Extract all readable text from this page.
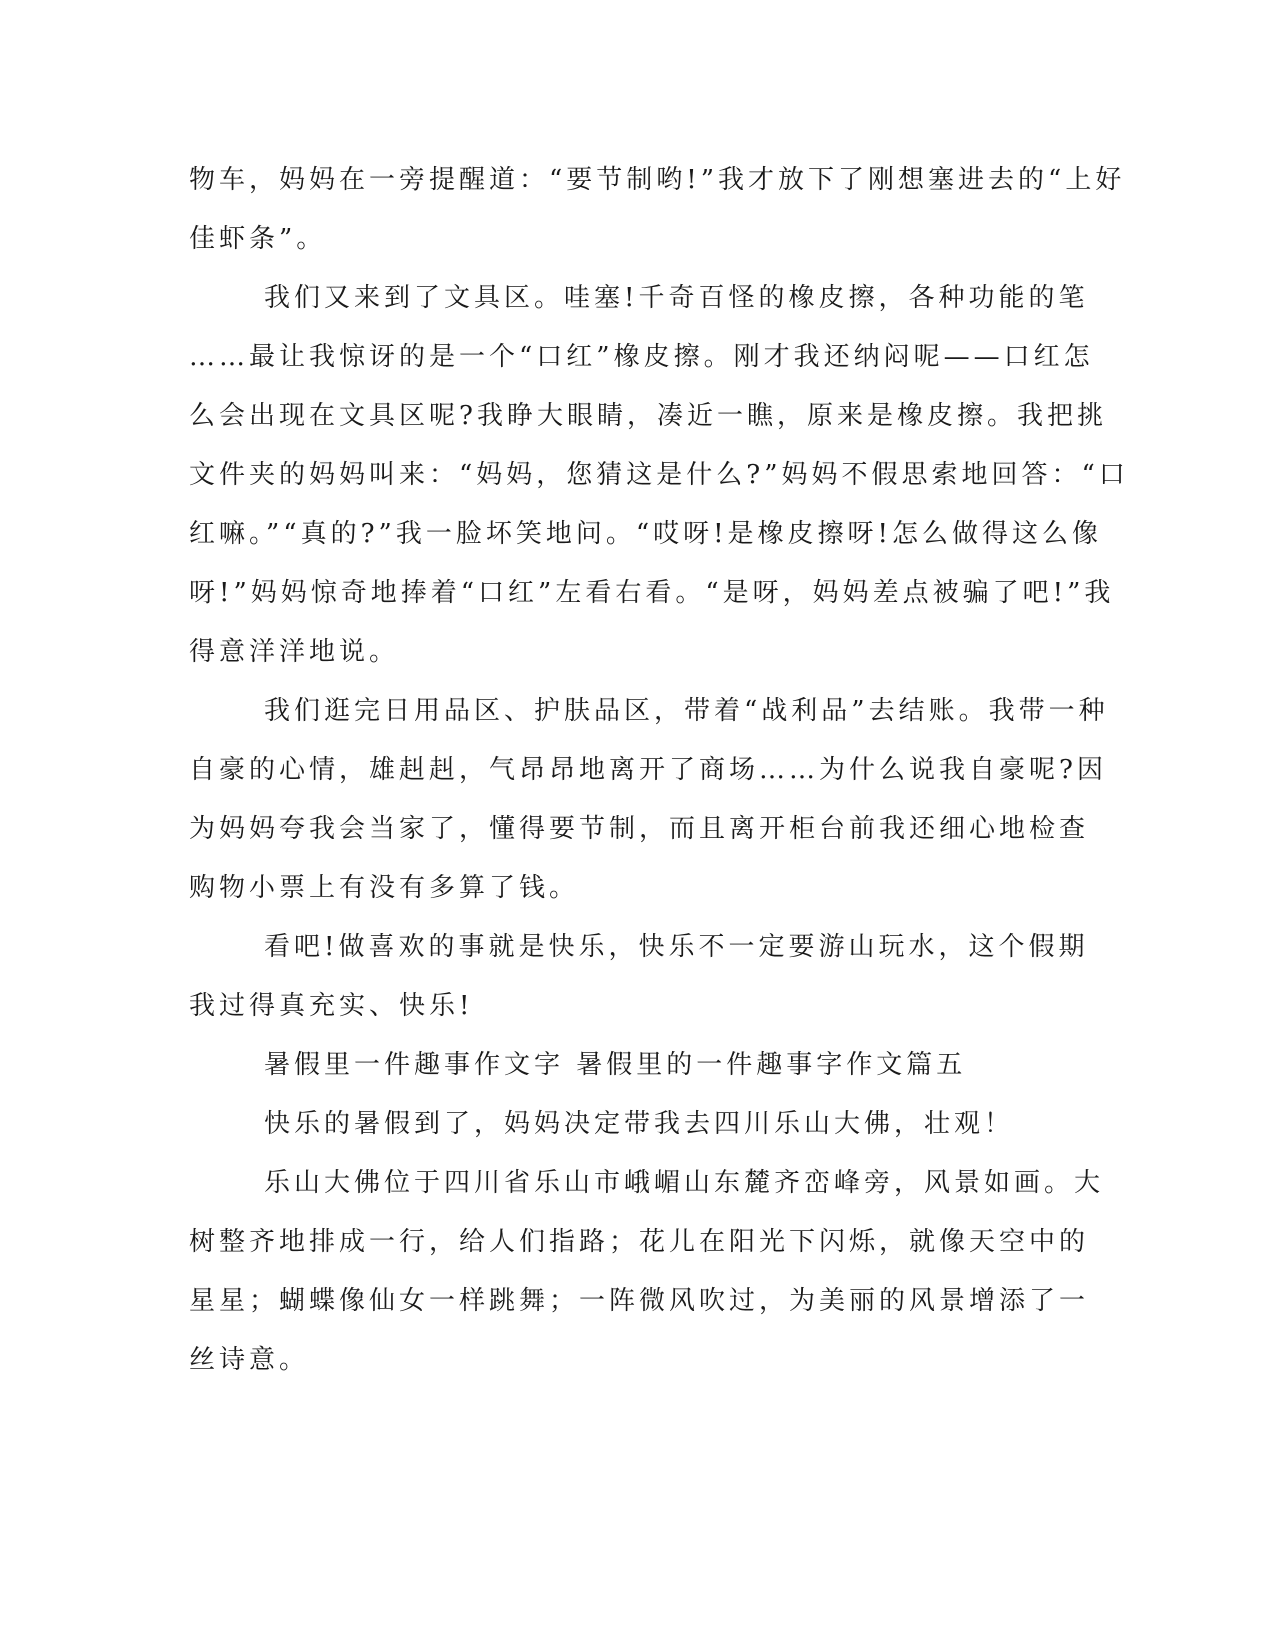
物车，妈妈在一旁提醒道：“要节制哟!”我才放下了刚想塞进去的“上好
佳虾条”。
我们又来到了文具区。哇塞!千奇百怪的橡皮擦，各种功能的笔
……最让我惊讶的是一个“口红”橡皮擦。刚才我还纳闷呢——口红怎
么会出现在文具区呢?我睁大眼睛，凑近一瞧，原来是橡皮擦。我把挑
文件夹的妈妈叫来：“妈妈，您猜这是什么?”妈妈不假思索地回答：“口
红嘛。”“真的?”我一脸坏笑地问。“哎呀!是橡皮擦呀!怎么做得这么像
呀!”妈妈惊奇地捧着“口红”左看右看。“是呀，妈妈差点被骗了吧!”我
得意洋洋地说。
我们逛完日用品区、护肤品区，带着“战利品”去结账。我带一种
自豪的心情，雄赳赳，气昂昂地离开了商场……为什么说我自豪呢?因
为妈妈夸我会当家了，懂得要节制，而且离开柜台前我还细心地检查
购物小票上有没有多算了钱。
看吧!做喜欢的事就是快乐，快乐不一定要游山玩水，这个假期
我过得真充实、快乐!
暑假里一件趣事作文字 暑假里的一件趣事字作文篇五
快乐的暑假到了，妈妈决定带我去四川乐山大佛，壮观！
乐山大佛位于四川省乐山市峨嵋山东麓齐峦峰旁，风景如画。大
树整齐地排成一行，给人们指路；花儿在阳光下闪烁，就像天空中的
星星；蝴蝶像仙女一样跳舞；一阵微风吹过，为美丽的风景增添了一
丝诗意。
